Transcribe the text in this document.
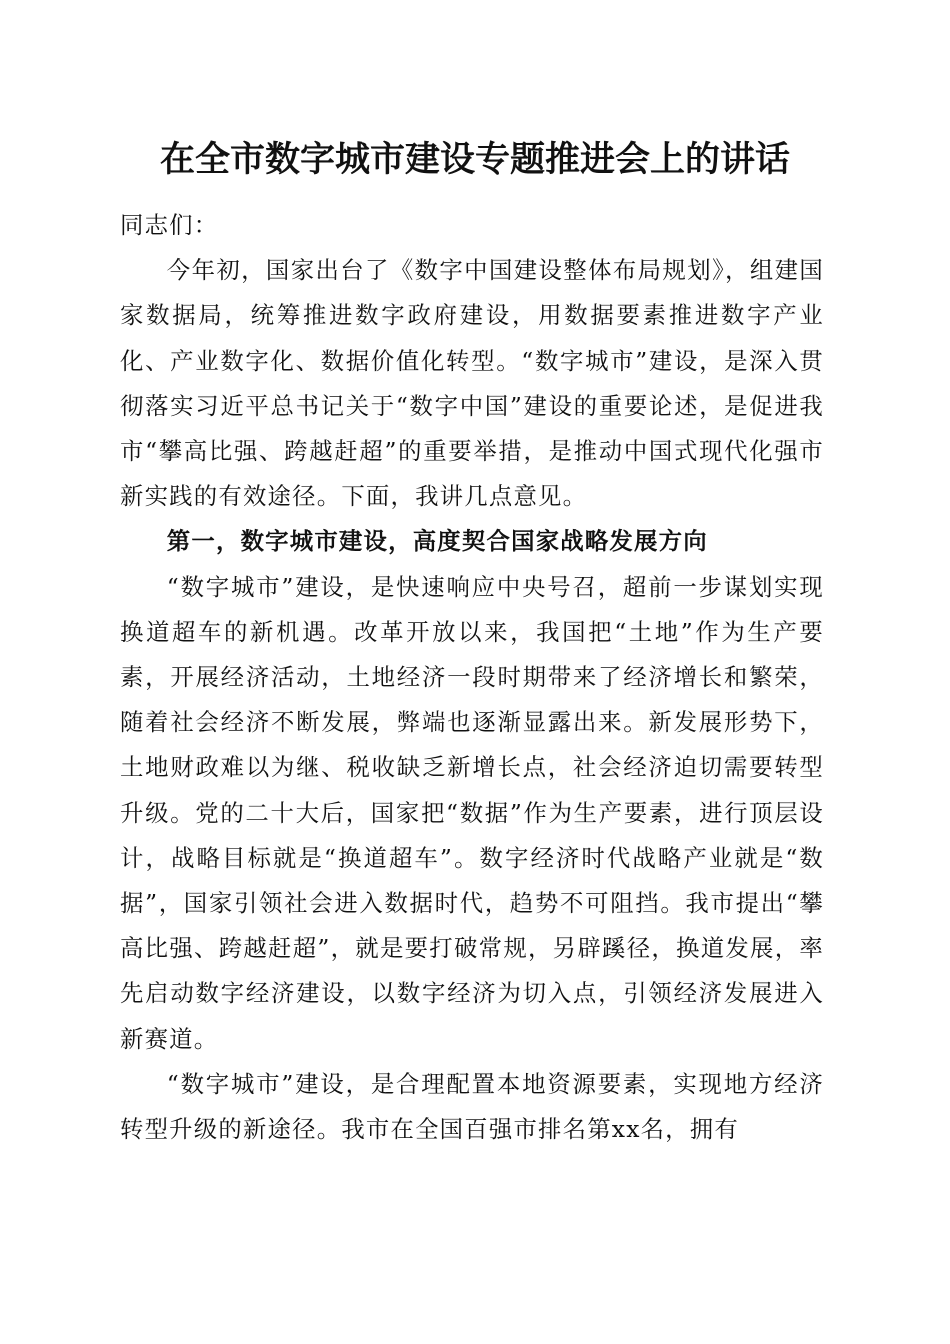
在全市数字城市建设专题推进会上的讲话

同志们：

今年初，国家出台了《数字中国建设整体布局规划》，组建国家数据局，统筹推进数字政府建设，用数据要素推进数字产业化、产业数字化、数据价值化转型。“数字城市”建设，是深入贯彻落实习近平总书记关于“数字中国”建设的重要论述，是促进我市“攀高比强、跨越赶超”的重要举措，是推动中国式现代化强市新实践的有效途径。下面，我讲几点意见。

第一，数字城市建设，高度契合国家战略发展方向

“数字城市”建设，是快速响应中央号召，超前一步谋划实现换道超车的新机遇。改革开放以来，我国把“土地”作为生产要素，开展经济活动，土地经济一段时期带来了经济增长和繁荣，随着社会经济不断发展，弊端也逐渐显露出来。新发展形势下，土地财政难以为继、税收缺乏新增长点，社会经济迫切需要转型升级。党的二十大后，国家把“数据”作为生产要素，进行顶层设计，战略目标就是“换道超车”。数字经济时代战略产业就是“数据”，国家引领社会进入数据时代，趋势不可阻挡。我市提出“攀高比强、跨越赶超”，就是要打破常规，另辟蹊径，换道发展，率先启动数字经济建设，以数字经济为切入点，引领经济发展进入新赛道。

“数字城市”建设，是合理配置本地资源要素，实现地方经济转型升级的新途径。我市在全国百强市排名第xx名，拥有
